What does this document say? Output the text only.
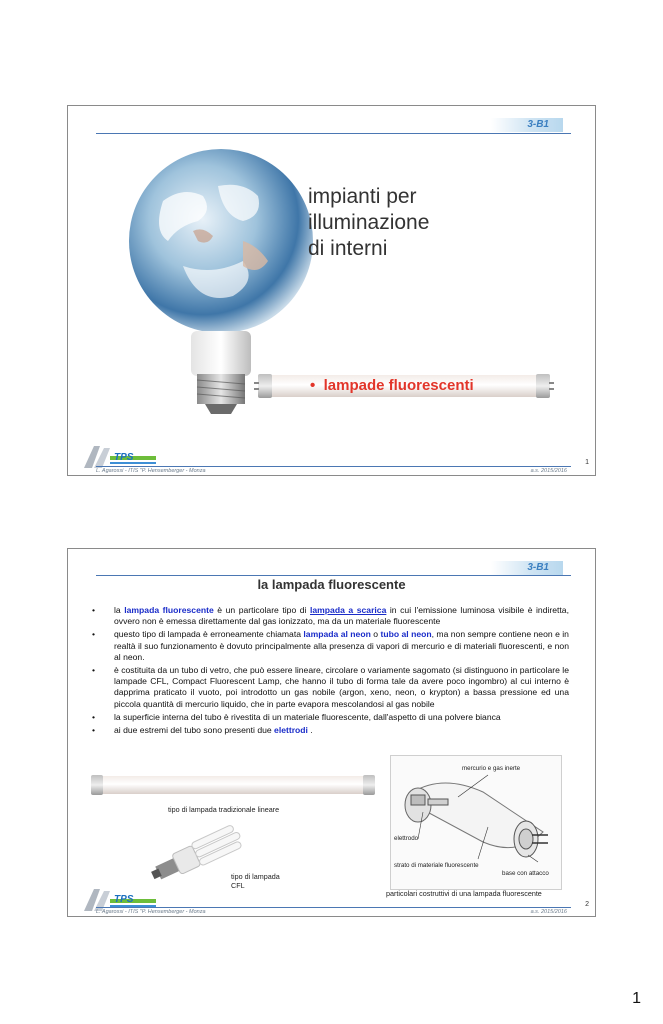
3-B1
impianti per
illuminazione
di interni
•  lampade fluorescenti
TPS
L. Agarossi - ITIS "P. Hensemberger - Monza	a.s. 2015/2016
1
3-B1
la lampada fluorescente
• la lampada fluorescente è un particolare tipo di lampada a scarica in cui l'emissione luminosa visibile è indiretta, ovvero non è emessa direttamente dal gas ionizzato, ma da un materiale fluorescente
• questo tipo di lampada è erroneamente chiamata lampada al neon o tubo al neon, ma non sempre contiene neon e in realtà il suo funzionamento è dovuto principalmente alla presenza di vapori di mercurio e di materiali fluorescenti, e non al neon.
• è costituita da un tubo di vetro, che può essere lineare, circolare o variamente sagomato (si distinguono in particolare le lampade CFL, Compact Fluorescent Lamp, che hanno il tubo di forma tale da avere poco ingombro) al cui interno è dapprima praticato il vuoto, poi introdotto un gas nobile (argon, xeno, neon, o krypton) a bassa pressione ed una piccola quantità di mercurio liquido, che in parte evapora mescolandosi al gas nobile
• la superficie interna del tubo è rivestita di un materiale fluorescente, dall'aspetto di una polvere bianca
• ai due estremi del tubo sono presenti due elettrodi .
tipo di lampada tradizionale lineare
tipo di lampada
CFL
mercurio e gas inerte
elettrodo
strato di materiale fluorescente
base con attacco
particolari costruttivi di una lampada fluorescente
TPS
L. Agarossi - ITIS "P. Hensemberger - Monza	a.s. 2015/2016
2
1
